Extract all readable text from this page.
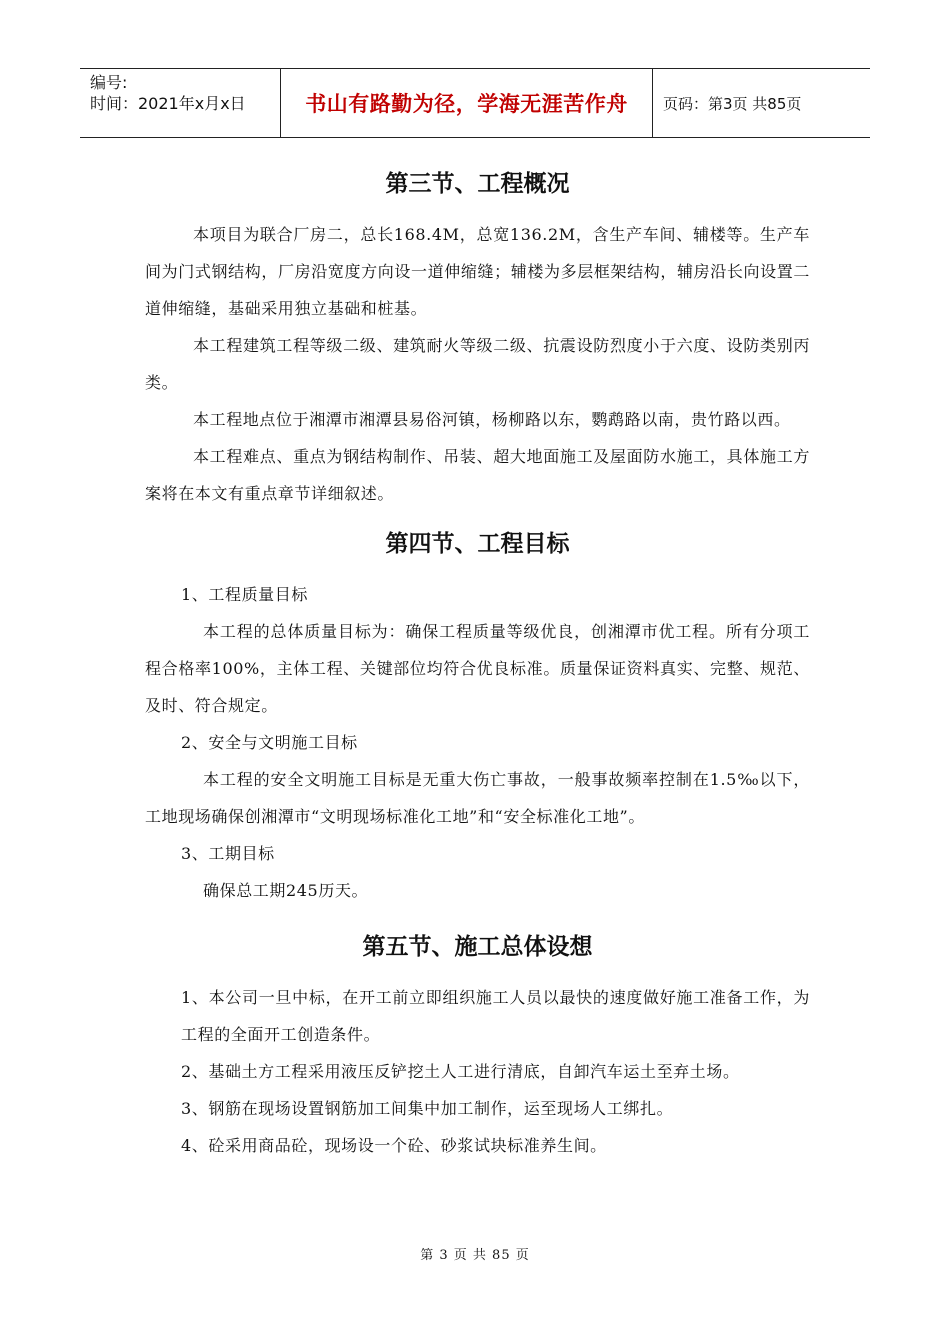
编号:
时间：2021年x月x日	书山有路勤为径，学海无涯苦作舟	页码：第3页 共85页
第三节、工程概况

本项目为联合厂房二，总长168.4M，总宽136.2M，含生产车间、辅楼等。生产车间为门式钢结构，厂房沿宽度方向设一道伸缩缝；辅楼为多层框架结构，辅房沿长向设置二道伸缩缝，基础采用独立基础和桩基。

本工程建筑工程等级二级、建筑耐火等级二级、抗震设防烈度小于六度、设防类别丙类。

本工程地点位于湘潭市湘潭县易俗河镇，杨柳路以东，鹦鹉路以南，贵竹路以西。

本工程难点、重点为钢结构制作、吊装、超大地面施工及屋面防水施工，具体施工方案将在本文有重点章节详细叙述。

第四节、工程目标

1、工程质量目标

本工程的总体质量目标为：确保工程质量等级优良，创湘潭市优工程。所有分项工程合格率100%，主体工程、关键部位均符合优良标准。质量保证资料真实、完整、规范、及时、符合规定。

2、安全与文明施工目标

本工程的安全文明施工目标是无重大伤亡事故，一般事故频率控制在1.5‰以下，工地现场确保创湘潭市“文明现场标准化工地”和“安全标准化工地”。

3、工期目标

确保总工期245历天。

第五节、施工总体设想

1、本公司一旦中标，在开工前立即组织施工人员以最快的速度做好施工准备工作，为工程的全面开工创造条件。

2、基础土方工程采用液压反铲挖土人工进行清底，自卸汽车运土至弃土场。

3、钢筋在现场设置钢筋加工间集中加工制作，运至现场人工绑扎。

4、砼采用商品砼，现场设一个砼、砂浆试块标准养生间。

第 3 页 共 85 页
